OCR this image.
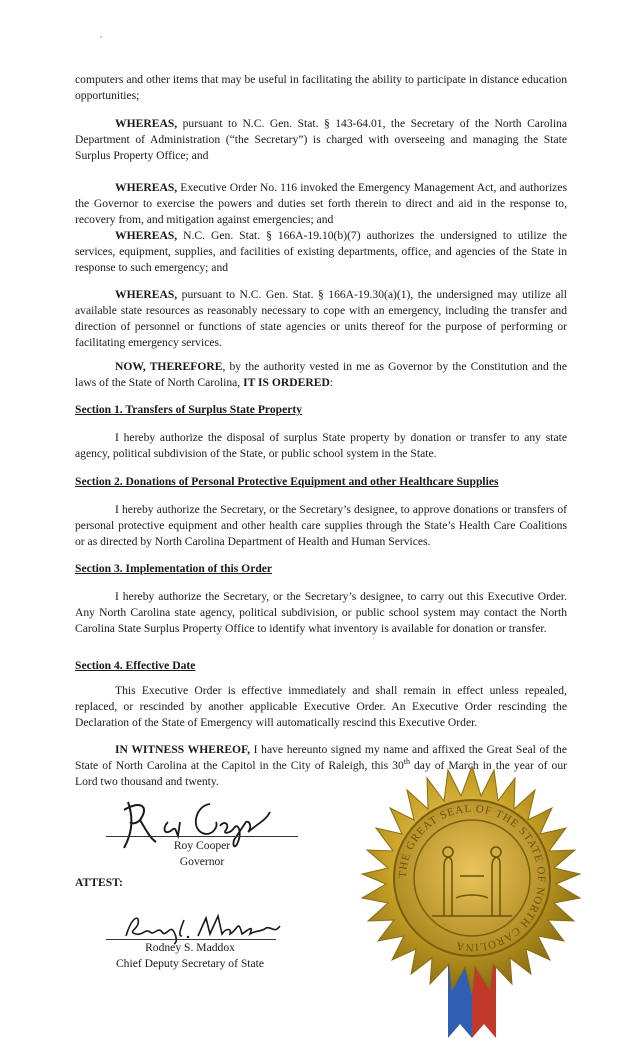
computers and other items that may be useful in facilitating the ability to participate in distance education opportunities;
WHEREAS, pursuant to N.C. Gen. Stat. § 143-64.01, the Secretary of the North Carolina Department of Administration (“the Secretary”) is charged with overseeing and managing the State Surplus Property Office; and
WHEREAS, Executive Order No. 116 invoked the Emergency Management Act, and authorizes the Governor to exercise the powers and duties set forth therein to direct and aid in the response to, recovery from, and mitigation against emergencies; and
WHEREAS, N.C. Gen. Stat. § 166A-19.10(b)(7) authorizes the undersigned to utilize the services, equipment, supplies, and facilities of existing departments, office, and agencies of the State in response to such emergency; and
WHEREAS, pursuant to N.C. Gen. Stat. § 166A-19.30(a)(1), the undersigned may utilize all available state resources as reasonably necessary to cope with an emergency, including the transfer and direction of personnel or functions of state agencies or units thereof for the purpose of performing or facilitating emergency services.
NOW, THEREFORE, by the authority vested in me as Governor by the Constitution and the laws of the State of North Carolina, IT IS ORDERED:
Section 1. Transfers of Surplus State Property
I hereby authorize the disposal of surplus State property by donation or transfer to any state agency, political subdivision of the State, or public school system in the State.
Section 2. Donations of Personal Protective Equipment and other Healthcare Supplies
I hereby authorize the Secretary, or the Secretary’s designee, to approve donations or transfers of personal protective equipment and other health care supplies through the State’s Health Care Coalitions or as directed by North Carolina Department of Health and Human Services.
Section 3. Implementation of this Order
I hereby authorize the Secretary, or the Secretary’s designee, to carry out this Executive Order. Any North Carolina state agency, political subdivision, or public school system may contact the North Carolina State Surplus Property Office to identify what inventory is available for donation or transfer.
Section 4. Effective Date
This Executive Order is effective immediately and shall remain in effect unless repealed, replaced, or rescinded by another applicable Executive Order. An Executive Order rescinding the Declaration of the State of Emergency will automatically rescind this Executive Order.
IN WITNESS WHEREOF, I have hereunto signed my name and affixed the Great Seal of the State of North Carolina at the Capitol in the City of Raleigh, this 30th day of March in the year of our Lord two thousand and twenty.
Roy Cooper
Governor
ATTEST:
Rodney S. Maddox
Chief Deputy Secretary of State
THE GREAT SEAL OF THE STATE OF NORTH CAROLINA
